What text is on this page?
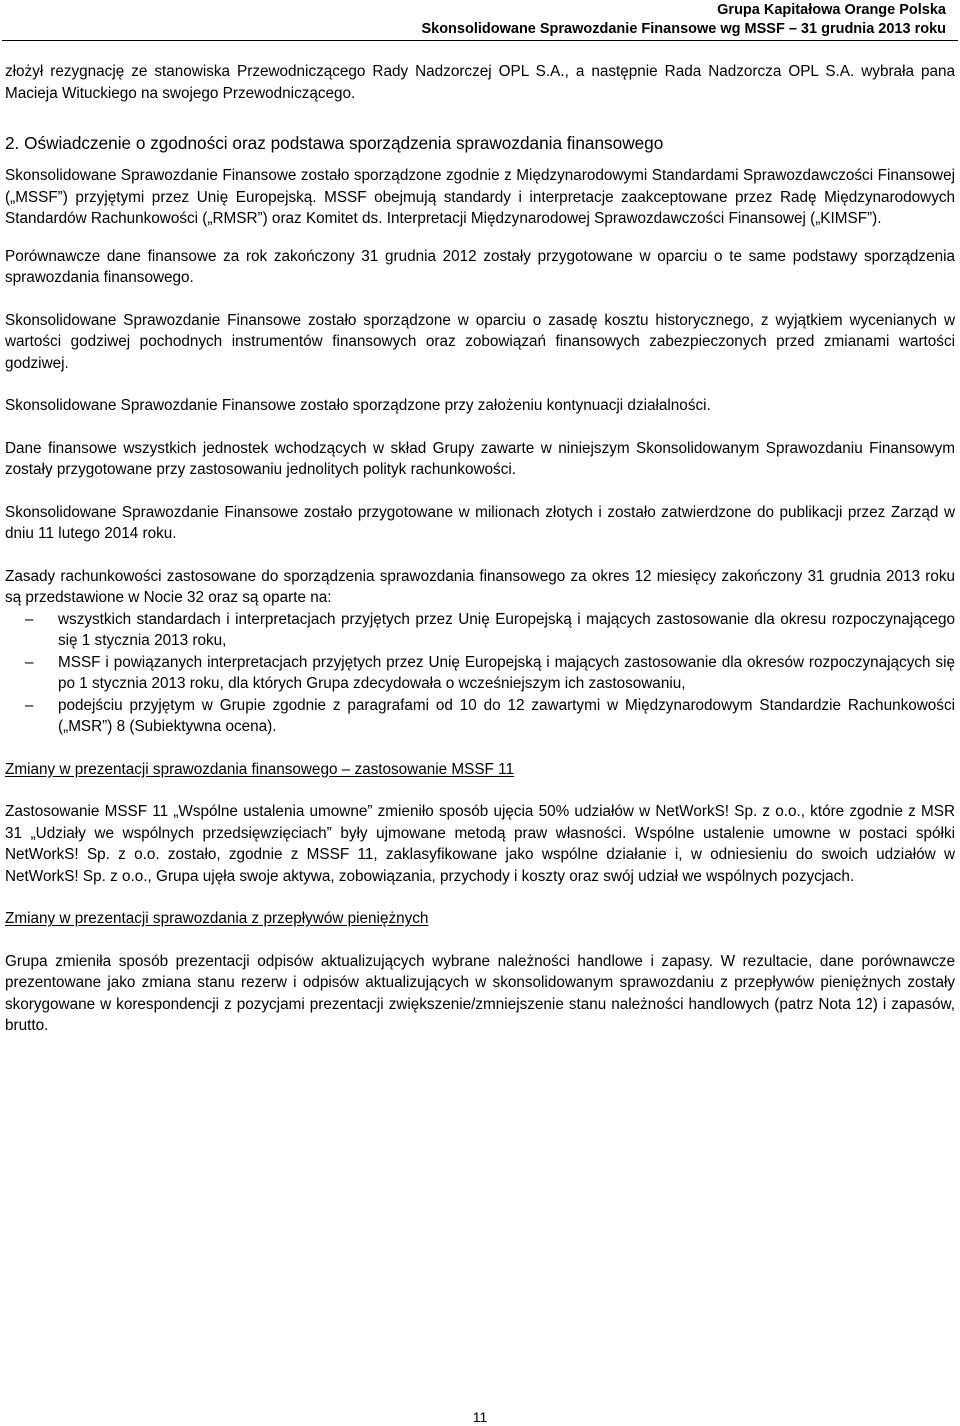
Grupa Kapitałowa Orange Polska
Skonsolidowane Sprawozdanie Finansowe wg MSSF – 31 grudnia 2013 roku

złożył rezygnację ze stanowiska Przewodniczącego Rady Nadzorczej OPL S.A., a następnie Rada Nadzorcza OPL S.A. wybrała pana Macieja Wituckiego na swojego Przewodniczącego.

2. Oświadczenie o zgodności oraz podstawa sporządzenia sprawozdania finansowego

Skonsolidowane Sprawozdanie Finansowe zostało sporządzone zgodnie z Międzynarodowymi Standardami Sprawozdawczości Finansowej („MSSF”) przyjętymi przez Unię Europejską. MSSF obejmują standardy i interpretacje zaakceptowane przez Radę Międzynarodowych Standardów Rachunkowości („RMSR”) oraz Komitet ds. Interpretacji Międzynarodowej Sprawozdawczości Finansowej („KIMSF”).

Porównawcze dane finansowe za rok zakończony 31 grudnia 2012 zostały przygotowane w oparciu o te same podstawy sporządzenia sprawozdania finansowego.

Skonsolidowane Sprawozdanie Finansowe zostało sporządzone w oparciu o zasadę kosztu historycznego, z wyjątkiem wycenianych w wartości godziwej pochodnych instrumentów finansowych oraz zobowiązań finansowych zabezpieczonych przed zmianami wartości godziwej.

Skonsolidowane Sprawozdanie Finansowe zostało sporządzone przy założeniu kontynuacji działalności.

Dane finansowe wszystkich jednostek wchodzących w skład Grupy zawarte w niniejszym Skonsolidowanym Sprawozdaniu Finansowym zostały przygotowane przy zastosowaniu jednolitych polityk rachunkowości.

Skonsolidowane Sprawozdanie Finansowe zostało przygotowane w milionach złotych i zostało zatwierdzone do publikacji przez Zarząd w dniu 11 lutego 2014 roku.

Zasady rachunkowości zastosowane do sporządzenia sprawozdania finansowego za okres 12 miesięcy zakończony 31 grudnia 2013 roku są przedstawione w Nocie 32 oraz są oparte na:

– wszystkich standardach i interpretacjach przyjętych przez Unię Europejską i mających zastosowanie dla okresu rozpoczynającego się 1 stycznia 2013 roku,
– MSSF i powiązanych interpretacjach przyjętych przez Unię Europejską i mających zastosowanie dla okresów rozpoczynających się po 1 stycznia 2013 roku, dla których Grupa zdecydowała o wcześniejszym ich zastosowaniu,
– podejściu przyjętym w Grupie zgodnie z paragrafami od 10 do 12 zawartymi w Międzynarodowym Standardzie Rachunkowości („MSR”) 8 (Subiektywna ocena).

Zmiany w prezentacji sprawozdania finansowego – zastosowanie MSSF 11

Zastosowanie MSSF 11 „Wspólne ustalenia umowne” zmieniło sposób ujęcia 50% udziałów w NetWorkS! Sp. z o.o., które zgodnie z MSR 31 „Udziały we wspólnych przedsięwzięciach” były ujmowane metodą praw własności. Wspólne ustalenie umowne w postaci spółki NetWorkS! Sp. z o.o. zostało, zgodnie z MSSF 11, zaklasyfikowane jako wspólne działanie i, w odniesieniu do swoich udziałów w NetWorkS! Sp. z o.o., Grupa ujęła swoje aktywa, zobowiązania, przychody i koszty oraz swój udział we wspólnych pozycjach.

Zmiany w prezentacji sprawozdania z przepływów pieniężnych

Grupa zmieniła sposób prezentacji odpisów aktualizujących wybrane należności handlowe i zapasy. W rezultacie, dane porównawcze prezentowane jako zmiana stanu rezerw i odpisów aktualizujących w skonsolidowanym sprawozdaniu z przepływów pieniężnych zostały skorygowane w korespondencji z pozycjami prezentacji zwiększenie/zmniejszenie stanu należności handlowych (patrz Nota 12) i zapasów, brutto.

11
